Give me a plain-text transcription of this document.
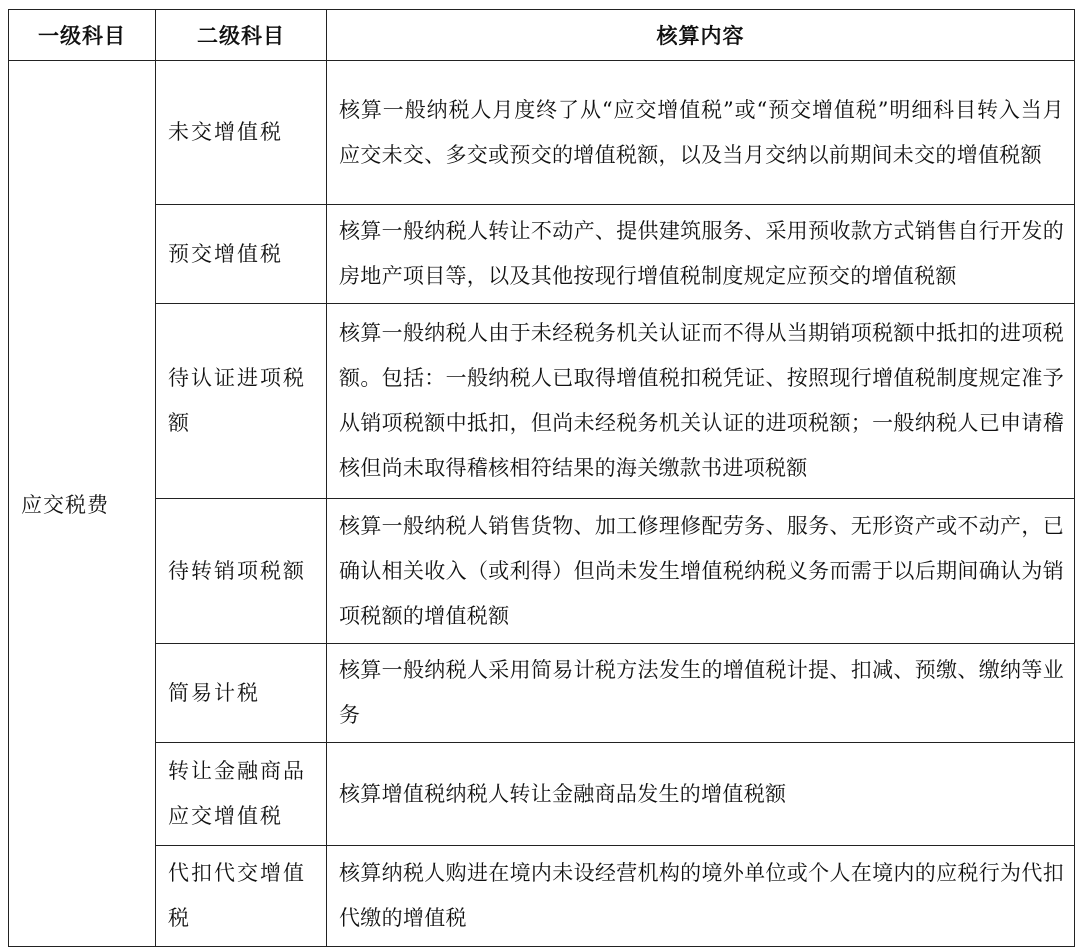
一级科目	二级科目	核算内容
应交税费	未交增值税	核算一般纳税人月度终了从“应交增值税”或“预交增值税”明细科目转入当月应交未交、多交或预交的增值税额，以及当月交纳以前期间未交的增值税额
	预交增值税	核算一般纳税人转让不动产、提供建筑服务、采用预收款方式销售自行开发的房地产项目等，以及其他按现行增值税制度规定应预交的增值税额
	待认证进项税额	核算一般纳税人由于未经税务机关认证而不得从当期销项税额中抵扣的进项税额。包括：一般纳税人已取得增值税扣税凭证、按照现行增值税制度规定准予从销项税额中抵扣，但尚未经税务机关认证的进项税额；一般纳税人已申请稽核但尚未取得稽核相符结果的海关缴款书进项税额
	待转销项税额	核算一般纳税人销售货物、加工修理修配劳务、服务、无形资产或不动产，已确认相关收入（或利得）但尚未发生增值税纳税义务而需于以后期间确认为销项税额的增值税额
	简易计税	核算一般纳税人采用简易计税方法发生的增值税计提、扣减、预缴、缴纳等业务
	转让金融商品应交增值税	核算增值税纳税人转让金融商品发生的增值税额
	代扣代交增值税	核算纳税人购进在境内未设经营机构的境外单位或个人在境内的应税行为代扣代缴的增值税
